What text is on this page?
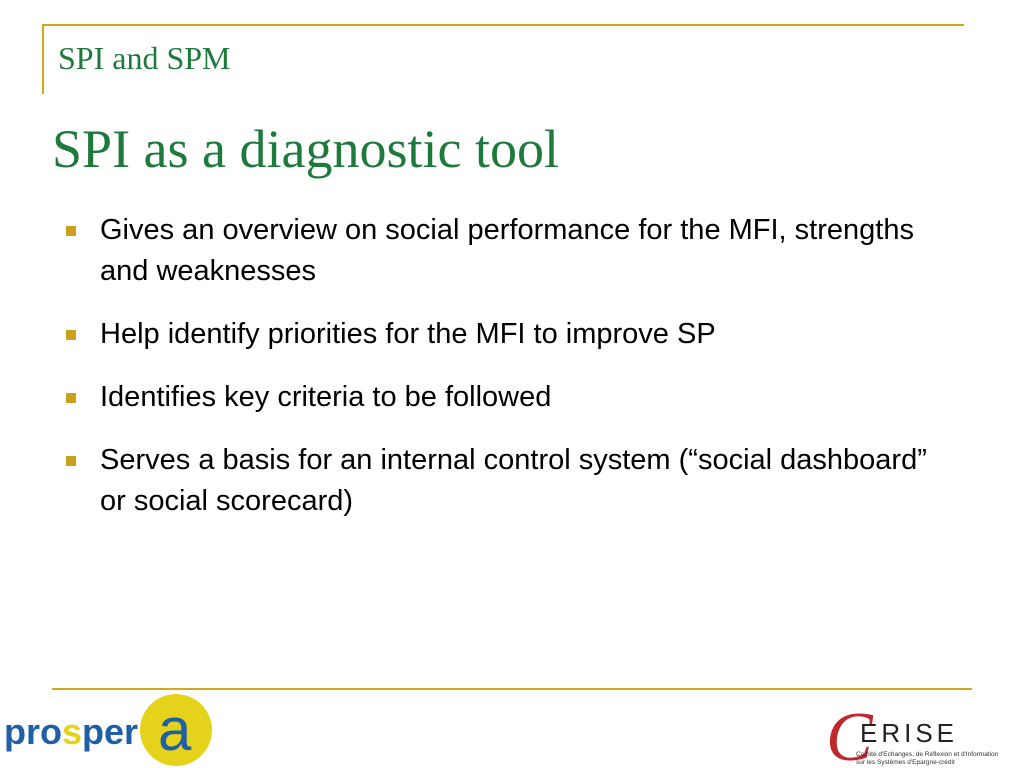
SPI and SPM
SPI as a diagnostic tool
Gives an overview on social performance for the MFI, strengths and weaknesses
Help identify priorities for the MFI to improve SP
Identifies key criteria to be followed
Serves a basis for an internal control system (“social dashboard” or social scorecard)
prosper a	C
ERISE
Comité d'Echanges, de Réflexion et d'Information
sur les Systèmes d'Epargne-crédit
